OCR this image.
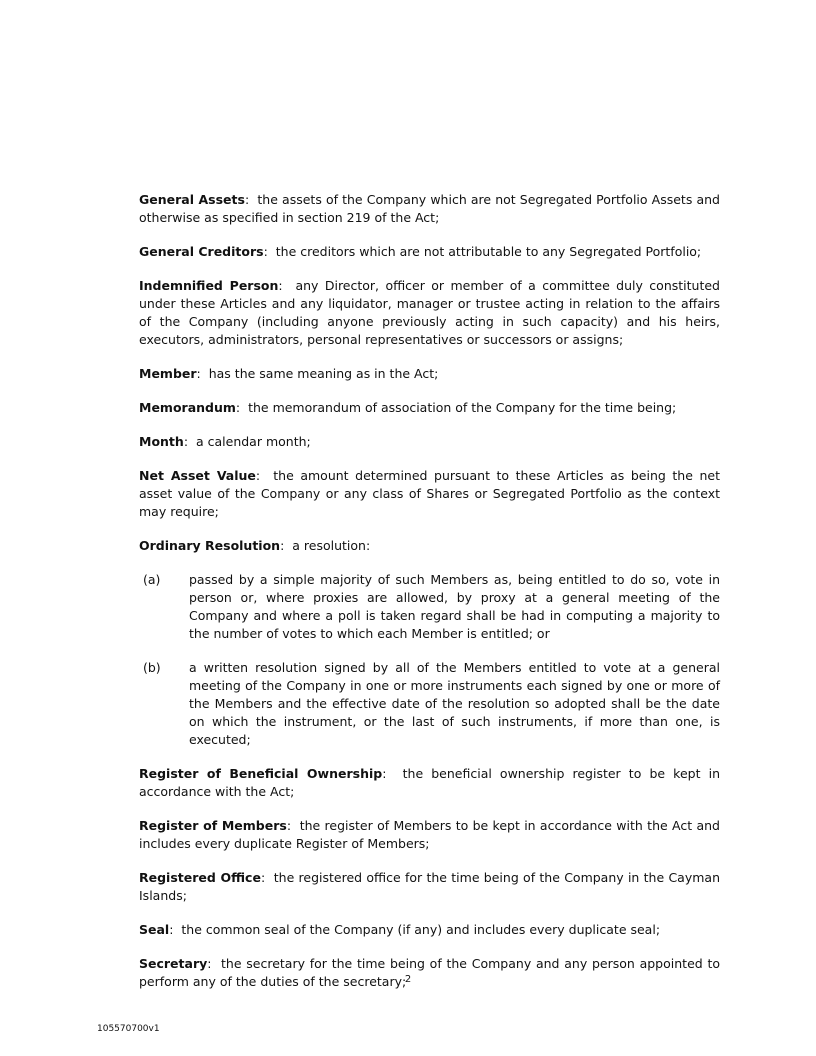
General Assets:  the assets of the Company which are not Segregated Portfolio Assets and otherwise as specified in section 219 of the Act;

General Creditors:  the creditors which are not attributable to any Segregated Portfolio;

Indemnified Person:  any Director, officer or member of a committee duly constituted under these Articles and any liquidator, manager or trustee acting in relation to the affairs of the Company (including anyone previously acting in such capacity) and his heirs, executors, administrators, personal representatives or successors or assigns;

Member:  has the same meaning as in the Act;

Memorandum:  the memorandum of association of the Company for the time being;

Month:  a calendar month;

Net Asset Value:  the amount determined pursuant to these Articles as being the net asset value of the Company or any class of Shares or Segregated Portfolio as the context may require;

Ordinary Resolution:  a resolution:

(a) passed by a simple majority of such Members as, being entitled to do so, vote in person or, where proxies are allowed, by proxy at a general meeting of the Company and where a poll is taken regard shall be had in computing a majority to the number of votes to which each Member is entitled; or

(b) a written resolution signed by all of the Members entitled to vote at a general meeting of the Company in one or more instruments each signed by one or more of the Members and the effective date of the resolution so adopted shall be the date on which the instrument, or the last of such instruments, if more than one, is executed;

Register of Beneficial Ownership:  the beneficial ownership register to be kept in accordance with the Act;

Register of Members:  the register of Members to be kept in accordance with the Act and includes every duplicate Register of Members;

Registered Office:  the registered office for the time being of the Company in the Cayman Islands;

Seal:  the common seal of the Company (if any) and includes every duplicate seal;

Secretary:  the secretary for the time being of the Company and any person appointed to perform any of the duties of the secretary;

2
105570700v1
